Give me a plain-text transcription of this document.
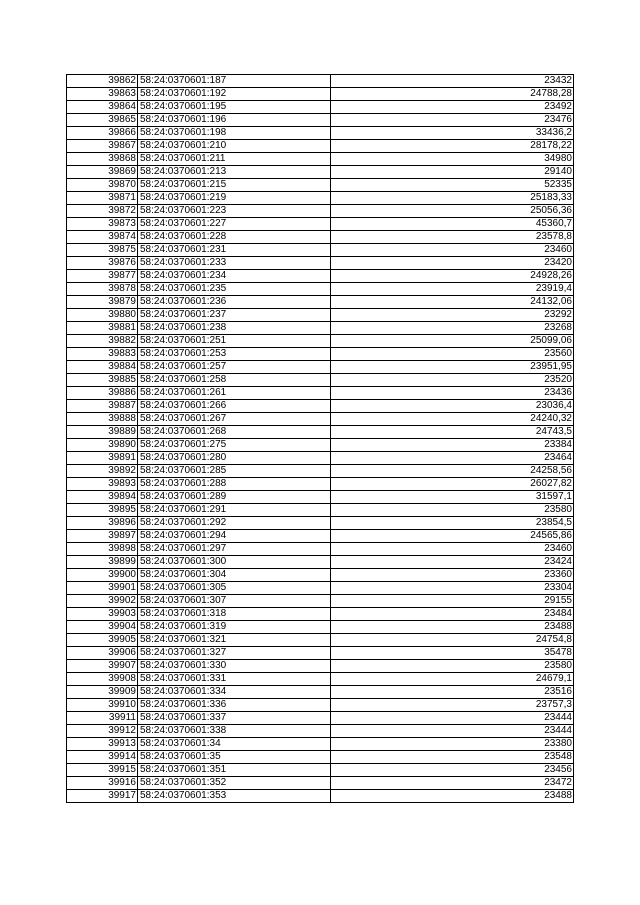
39862	58:24:0370601:187	23432
39863	58:24:0370601:192	24788,28
39864	58:24:0370601:195	23492
39865	58:24:0370601:196	23476
39866	58:24:0370601:198	33436,2
39867	58:24:0370601:210	28178,22
39868	58:24:0370601:211	34980
39869	58:24:0370601:213	29140
39870	58:24:0370601:215	52335
39871	58:24:0370601:219	25183,33
39872	58:24:0370601:223	25056,36
39873	58:24:0370601:227	45360,7
39874	58:24:0370601:228	23578,8
39875	58:24:0370601:231	23460
39876	58:24:0370601:233	23420
39877	58:24:0370601:234	24928,26
39878	58:24:0370601:235	23919,4
39879	58:24:0370601:236	24132,06
39880	58:24:0370601:237	23292
39881	58:24:0370601:238	23268
39882	58:24:0370601:251	25099,06
39883	58:24:0370601:253	23560
39884	58:24:0370601:257	23951,95
39885	58:24:0370601:258	23520
39886	58:24:0370601:261	23436
39887	58:24:0370601:266	23036,4
39888	58:24:0370601:267	24240,32
39889	58:24:0370601:268	24743,5
39890	58:24:0370601:275	23384
39891	58:24:0370601:280	23464
39892	58:24:0370601:285	24258,56
39893	58:24:0370601:288	26027,82
39894	58:24:0370601:289	31597,1
39895	58:24:0370601:291	23580
39896	58:24:0370601:292	23854,5
39897	58:24:0370601:294	24565,86
39898	58:24:0370601:297	23460
39899	58:24:0370601:300	23424
39900	58:24:0370601:304	23360
39901	58:24:0370601:305	23304
39902	58:24:0370601:307	29155
39903	58:24:0370601:318	23484
39904	58:24:0370601:319	23488
39905	58:24:0370601:321	24754,8
39906	58:24:0370601:327	35478
39907	58:24:0370601:330	23580
39908	58:24:0370601:331	24679,1
39909	58:24:0370601:334	23516
39910	58:24:0370601:336	23757,3
39911	58:24:0370601:337	23444
39912	58:24:0370601:338	23444
39913	58:24:0370601:34	23380
39914	58:24:0370601:35	23548
39915	58:24:0370601:351	23456
39916	58:24:0370601:352	23472
39917	58:24:0370601:353	23488
